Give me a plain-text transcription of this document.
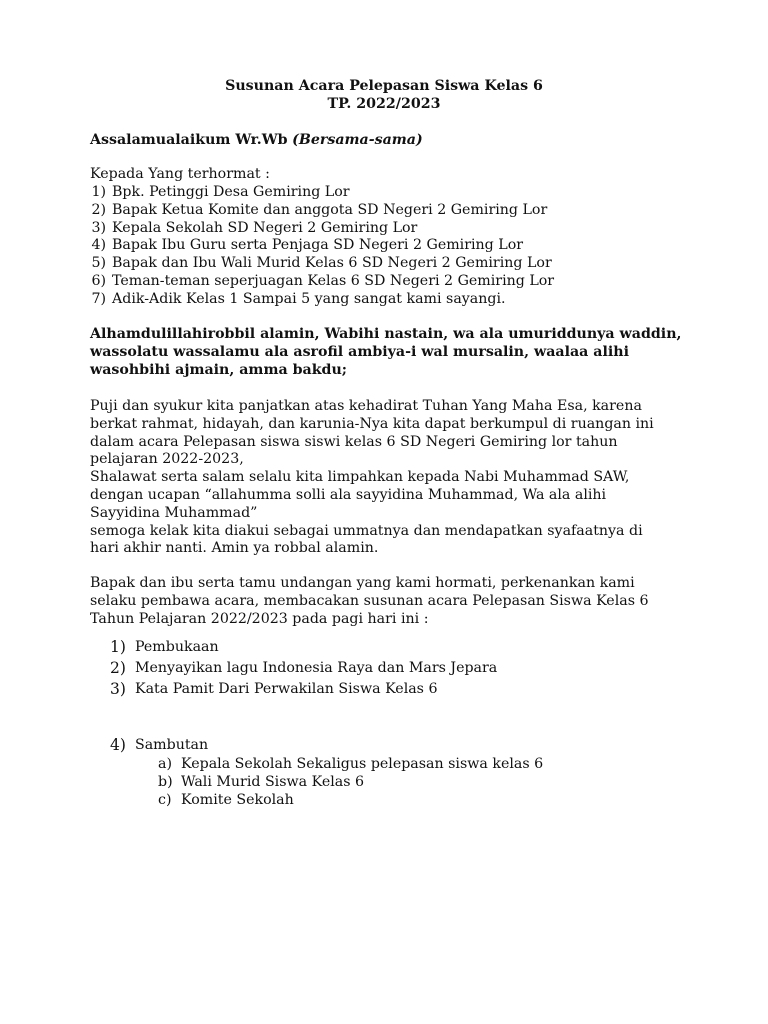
Susunan Acara Pelepasan Siswa Kelas 6
TP. 2022/2023
Assalamualaikum Wr.Wb (Bersama-sama)
Kepada Yang terhormat :
1) Bpk. Petinggi Desa Gemiring Lor
2) Bapak Ketua Komite dan anggota SD Negeri 2 Gemiring Lor
3) Kepala Sekolah SD Negeri 2 Gemiring Lor
4) Bapak Ibu Guru serta Penjaga SD Negeri 2 Gemiring Lor
5) Bapak dan Ibu Wali Murid Kelas 6 SD Negeri 2 Gemiring Lor
6) Teman-teman seperjuagan Kelas 6 SD Negeri 2 Gemiring Lor
7) Adik-Adik Kelas 1 Sampai 5 yang sangat kami sayangi.

Alhamdulillahirobbil alamin, Wabihi nastain, wa ala umuriddunya waddin,

wassolatu wassalamu ala asrofil ambiya-i wal mursalin, waalaa alihi

wasohbihi ajmain, amma bakdu;

Puji dan syukur kita panjatkan atas kehadirat Tuhan Yang Maha Esa, karena

berkat rahmat, hidayah, dan karunia-Nya kita dapat berkumpul di ruangan ini

dalam acara Pelepasan siswa siswi kelas 6 SD Negeri Gemiring lor tahun

pelajaran 2022-2023,

Shalawat serta salam selalu kita limpahkan kepada Nabi Muhammad SAW,

dengan ucapan “allahumma solli ala sayyidina Muhammad, Wa ala alihi

Sayyidina Muhammad”

semoga kelak kita diakui sebagai ummatnya dan mendapatkan syafaatnya di

hari akhir nanti. Amin ya robbal alamin.

Bapak dan ibu serta tamu undangan yang kami hormati, perkenankan kami

selaku pembawa acara, membacakan susunan acara Pelepasan Siswa Kelas 6

Tahun Pelajaran 2022/2023 pada pagi hari ini :

1) Pembukaan
2) Menyayikan lagu Indonesia Raya dan Mars Jepara
3) Kata Pamit Dari Perwakilan Siswa Kelas 6
4) Sambutan
a) Kepala Sekolah Sekaligus pelepasan siswa kelas 6
b) Wali Murid Siswa Kelas 6
c) Komite Sekolah
